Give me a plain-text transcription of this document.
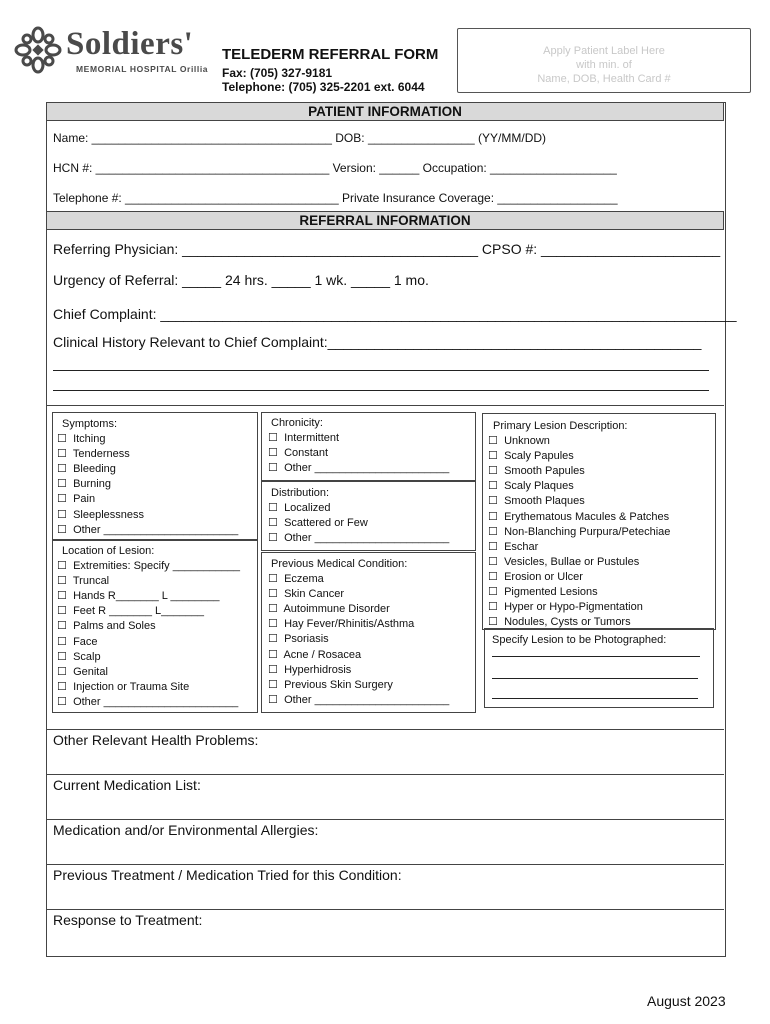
Soldiers'
MEMORIAL HOSPITAL Orillia
TELEDERM REFERRAL FORM
Fax: (705) 327-9181
Telephone: (705) 325-2201 ext. 6044
Apply Patient Label Here
with min. of
Name, DOB, Health Card #
PATIENT INFORMATION
Name: ____________________________________ DOB: ________________ (YY/MM/DD)
HCN #: ___________________________________ Version: ______ Occupation: ___________________
Telephone #: ________________________________ Private Insurance Coverage: __________________
REFERRAL INFORMATION
Referring Physician: ______________________________________ CPSO #: _______________________
Urgency of Referral: _____ 24 hrs. _____ 1 wk. _____ 1 mo.
Chief Complaint: __________________________________________________________________________
Clinical History Relevant to Chief Complaint:________________________________________________
Symptoms:
☐ Itching
☐ Tenderness
☐ Bleeding
☐ Burning
☐ Pain
☐ Sleeplessness
☐ Other ______________________
Location of Lesion:
☐ Extremities: Specify ___________
☐ Truncal
☐ Hands R_______ L ________
☐ Feet R _______ L_______
☐ Palms and Soles
☐ Face
☐ Scalp
☐ Genital
☐ Injection or Trauma Site
☐ Other ______________________
Chronicity:
☐ Intermittent
☐ Constant
☐ Other ______________________
Distribution:
☐ Localized
☐ Scattered or Few
☐ Other ______________________
Previous Medical Condition:
☐ Eczema
☐ Skin Cancer
☐ Autoimmune Disorder
☐ Hay Fever/Rhinitis/Asthma
☐ Psoriasis
☐ Acne / Rosacea
☐ Hyperhidrosis
☐ Previous Skin Surgery
☐ Other ______________________
Primary Lesion Description:
☐ Unknown
☐ Scaly Papules
☐ Smooth Papules
☐ Scaly Plaques
☐ Smooth Plaques
☐ Erythematous Macules & Patches
☐ Non-Blanching Purpura/Petechiae
☐ Eschar
☐ Vesicles, Bullae or Pustules
☐ Erosion or Ulcer
☐ Pigmented Lesions
☐ Hyper or Hypo-Pigmentation
☐ Nodules, Cysts or Tumors
Specify Lesion to be Photographed:
Other Relevant Health Problems:
Current Medication List:
Medication and/or Environmental Allergies:
Previous Treatment / Medication Tried for this Condition:
Response to Treatment:
August 2023
